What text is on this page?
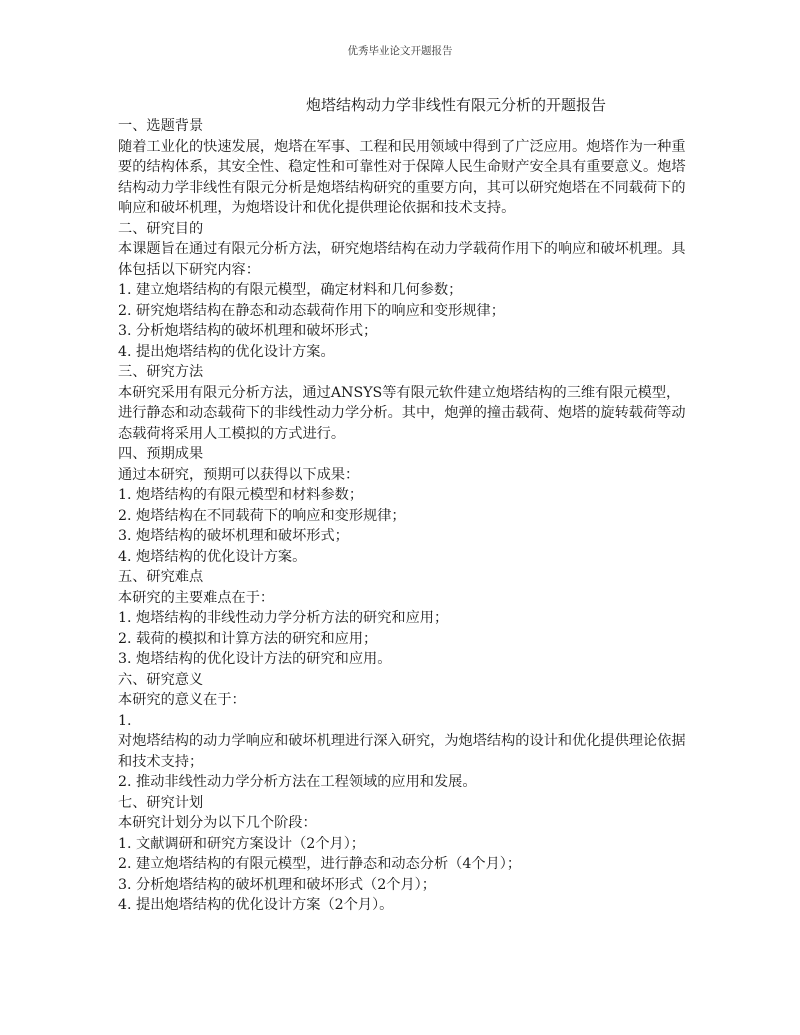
优秀毕业论文开题报告
炮塔结构动力学非线性有限元分析的开题报告
一、选题背景
随着工业化的快速发展，炮塔在军事、工程和民用领域中得到了广泛应用。炮塔作为一种重要的结构体系，其安全性、稳定性和可靠性对于保障人民生命财产安全具有重要意义。炮塔结构动力学非线性有限元分析是炮塔结构研究的重要方向，其可以研究炮塔在不同载荷下的响应和破坏机理，为炮塔设计和优化提供理论依据和技术支持。
二、研究目的
本课题旨在通过有限元分析方法，研究炮塔结构在动力学载荷作用下的响应和破坏机理。具体包括以下研究内容：
1. 建立炮塔结构的有限元模型，确定材料和几何参数；
2. 研究炮塔结构在静态和动态载荷作用下的响应和变形规律；
3. 分析炮塔结构的破坏机理和破坏形式；
4. 提出炮塔结构的优化设计方案。
三、研究方法
本研究采用有限元分析方法，通过ANSYS等有限元软件建立炮塔结构的三维有限元模型，进行静态和动态载荷下的非线性动力学分析。其中，炮弹的撞击载荷、炮塔的旋转载荷等动态载荷将采用人工模拟的方式进行。
四、预期成果
通过本研究，预期可以获得以下成果：
1. 炮塔结构的有限元模型和材料参数；
2. 炮塔结构在不同载荷下的响应和变形规律；
3. 炮塔结构的破坏机理和破坏形式；
4. 炮塔结构的优化设计方案。
五、研究难点
本研究的主要难点在于：
1. 炮塔结构的非线性动力学分析方法的研究和应用；
2. 载荷的模拟和计算方法的研究和应用；
3. 炮塔结构的优化设计方法的研究和应用。
六、研究意义
本研究的意义在于：
1.
对炮塔结构的动力学响应和破坏机理进行深入研究，为炮塔结构的设计和优化提供理论依据和技术支持；
2. 推动非线性动力学分析方法在工程领域的应用和发展。
七、研究计划
本研究计划分为以下几个阶段：
1. 文献调研和研究方案设计（2个月）；
2. 建立炮塔结构的有限元模型，进行静态和动态分析（4个月）；
3. 分析炮塔结构的破坏机理和破坏形式（2个月）；
4. 提出炮塔结构的优化设计方案（2个月）。
